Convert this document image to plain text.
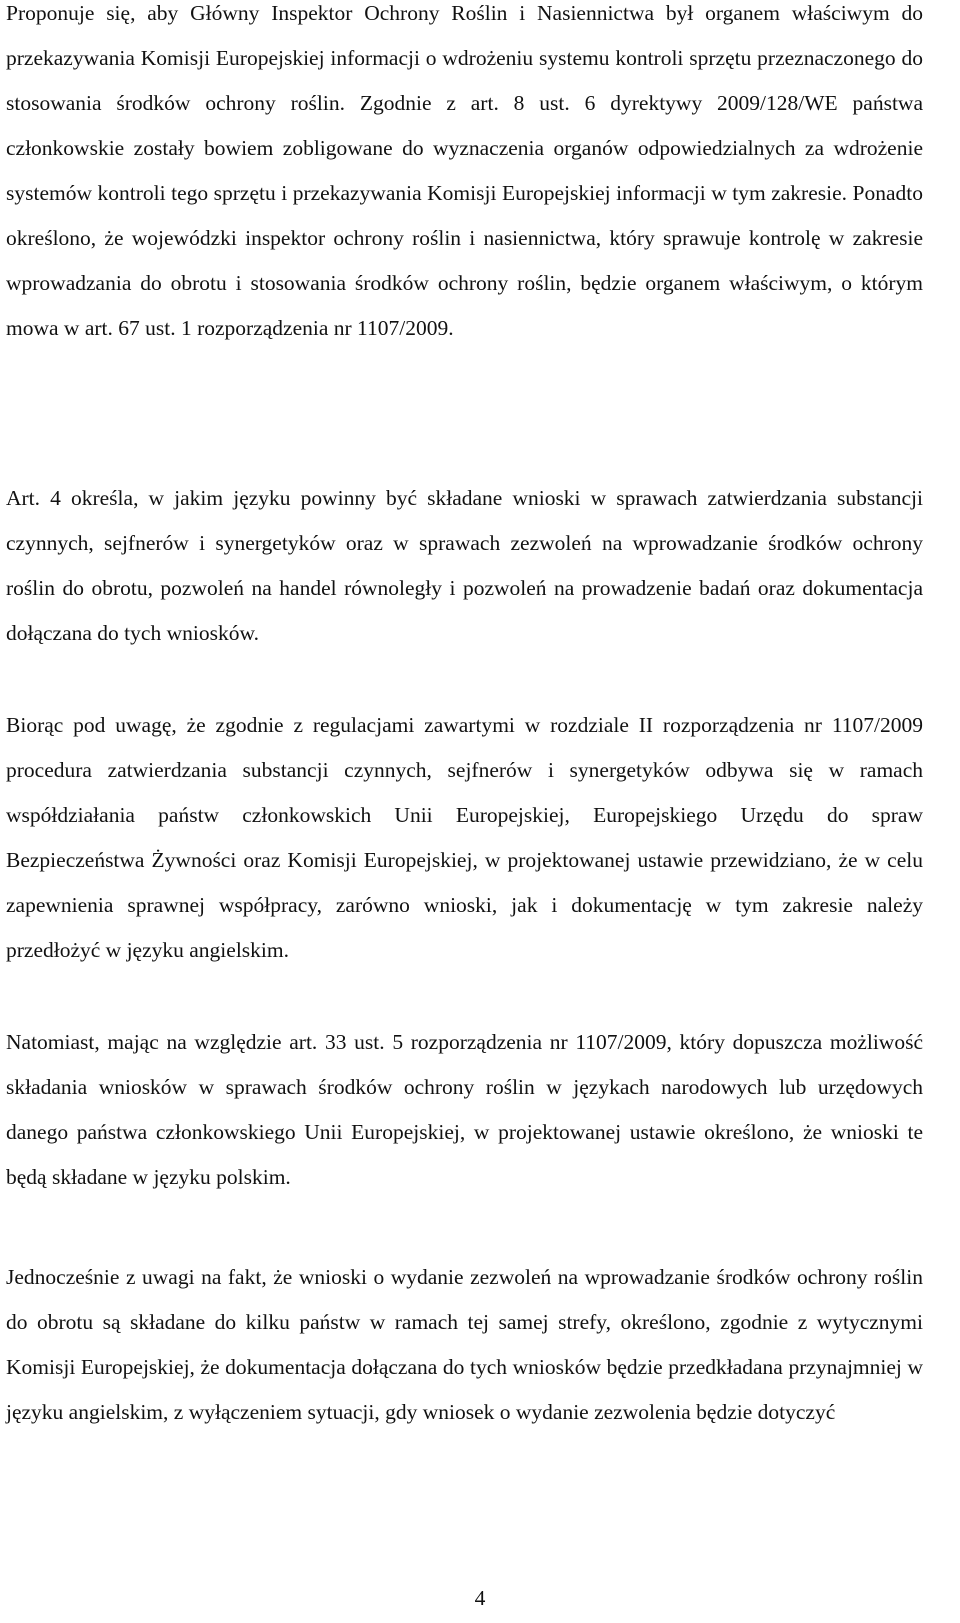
Proponuje się, aby Główny Inspektor Ochrony Roślin i Nasiennictwa był organem właściwym do przekazywania Komisji Europejskiej informacji o wdrożeniu systemu kontroli sprzętu przeznaczonego do stosowania środków ochrony roślin. Zgodnie z art. 8 ust. 6 dyrektywy 2009/128/WE państwa członkowskie zostały bowiem zobligowane do wyznaczenia organów odpowiedzialnych za wdrożenie systemów kontroli tego sprzętu i przekazywania Komisji Europejskiej informacji w tym zakresie. Ponadto określono, że wojewódzki inspektor ochrony roślin i nasiennictwa, który sprawuje kontrolę w zakresie wprowadzania do obrotu i stosowania środków ochrony roślin, będzie organem właściwym, o którym mowa w art. 67 ust. 1 rozporządzenia nr 1107/2009.

Art. 4 określa, w jakim języku powinny być składane wnioski w sprawach zatwierdzania substancji czynnych, sejfnerów i synergetyków oraz w sprawach zezwoleń na wprowadzanie środków ochrony roślin do obrotu, pozwoleń na handel równoległy i pozwoleń na prowadzenie badań oraz dokumentacja dołączana do tych wniosków.

Biorąc pod uwagę, że zgodnie z regulacjami zawartymi w rozdziale II rozporządzenia nr 1107/2009 procedura zatwierdzania substancji czynnych, sejfnerów i synergetyków odbywa się w ramach współdziałania państw członkowskich Unii Europejskiej, Europejskiego Urzędu do spraw Bezpieczeństwa Żywności oraz Komisji Europejskiej, w projektowanej ustawie przewidziano, że w celu zapewnienia sprawnej współpracy, zarówno wnioski, jak i dokumentację w tym zakresie należy przedłożyć w języku angielskim.

Natomiast, mając na względzie art. 33 ust. 5 rozporządzenia nr 1107/2009, który dopuszcza możliwość składania wniosków w sprawach środków ochrony roślin w językach narodowych lub urzędowych danego państwa członkowskiego Unii Europejskiej, w projektowanej ustawie określono, że wnioski te będą składane w języku polskim.

Jednocześnie z uwagi na fakt, że wnioski o wydanie zezwoleń na wprowadzanie środków ochrony roślin do obrotu są składane do kilku państw w ramach tej samej strefy, określono, zgodnie z wytycznymi Komisji Europejskiej, że dokumentacja dołączana do tych wniosków będzie przedkładana przynajmniej w języku angielskim, z wyłączeniem sytuacji, gdy wniosek o wydanie zezwolenia będzie dotyczyć

4
